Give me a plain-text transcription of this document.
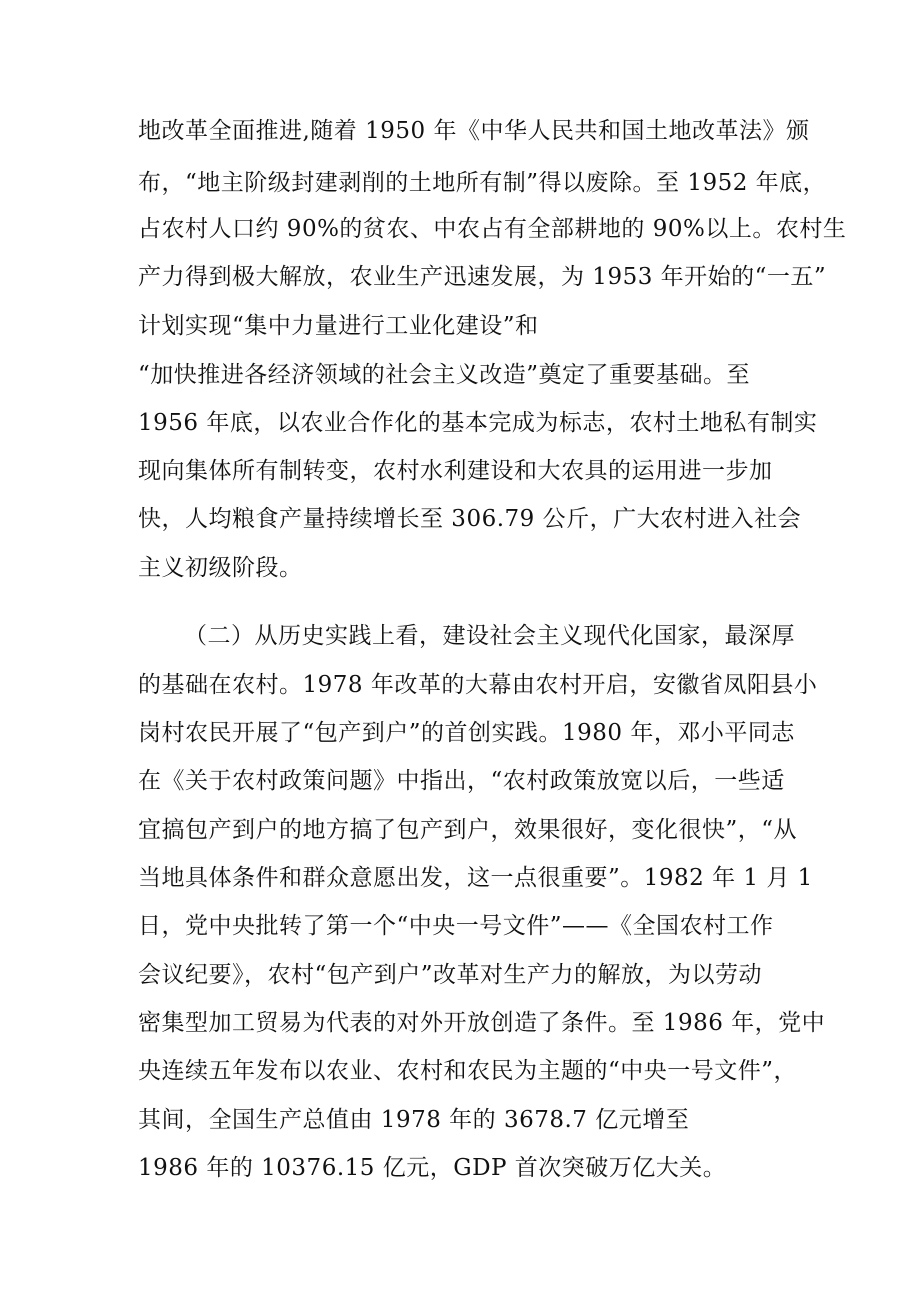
地改革全面推进,随着 1950 年《中华人民共和国土地改革法》颁
布，“地主阶级封建剥削的土地所有制”得以废除。至 1952 年底，
占农村人口约 90%的贫农、中农占有全部耕地的 90%以上。农村生
产力得到极大解放，农业生产迅速发展，为 1953 年开始的“一五”
计划实现“集中力量进行工业化建设”和
“加快推进各经济领域的社会主义改造”奠定了重要基础。至
1956 年底，以农业合作化的基本完成为标志，农村土地私有制实
现向集体所有制转变，农村水利建设和大农具的运用进一步加
快，人均粮食产量持续增长至 306.79 公斤，广大农村进入社会
主义初级阶段。
（二）从历史实践上看，建设社会主义现代化国家，最深厚
的基础在农村。1978 年改革的大幕由农村开启，安徽省凤阳县小
岗村农民开展了“包产到户”的首创实践。1980 年，邓小平同志
在《关于农村政策问题》中指出，“农村政策放宽以后，一些适
宜搞包产到户的地方搞了包产到户，效果很好，变化很快”，“从
当地具体条件和群众意愿出发，这一点很重要”。1982 年 1 月 1
日，党中央批转了第一个“中央一号文件”——《全国农村工作
会议纪要》，农村“包产到户”改革对生产力的解放，为以劳动
密集型加工贸易为代表的对外开放创造了条件。至 1986 年，党中
央连续五年发布以农业、农村和农民为主题的“中央一号文件”，
其间，全国生产总值由 1978 年的 3678.7 亿元增至
1986 年的 10376.15 亿元，GDP 首次突破万亿大关。
